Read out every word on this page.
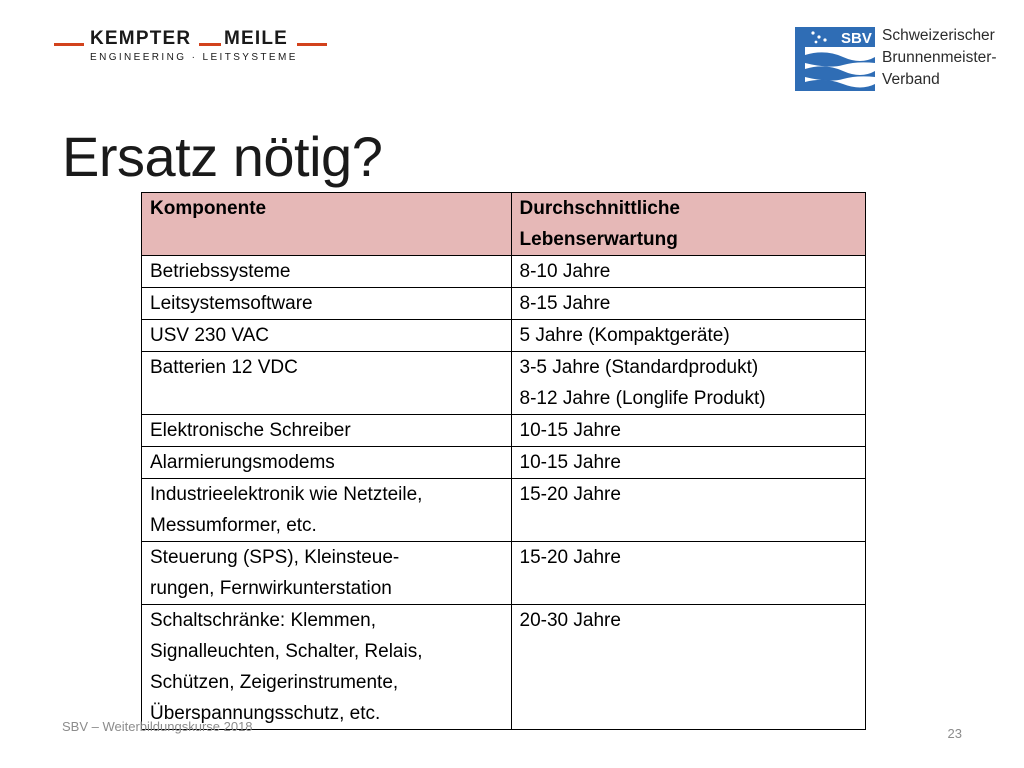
KEMPTER MEILE
ENGINEERING · LEITSYSTEME
SBV Schweizerischer
Brunnenmeister-
Verband
Ersatz nötig?
Komponente	Durchschnittliche
Lebenserwartung

Betriebssysteme	8-10 Jahre

Leitsystemsoftware	8-15 Jahre

USV 230 VAC	5 Jahre (Kompaktgeräte)

Batterien 12 VDC	3-5 Jahre (Standardprodukt)
8-12 Jahre (Longlife Produkt)

Elektronische Schreiber	10-15 Jahre

Alarmierungsmodems	10-15 Jahre

Industrieelektronik wie Netzteile,
Messumformer, etc.	15-20 Jahre

Steuerung (SPS), Kleinsteue-
rungen, Fernwirkunterstation	15-20 Jahre

Schaltschränke: Klemmen,
Signalleuchten, Schalter, Relais,
Schützen, Zeigerinstrumente,
Überspannungsschutz, etc.	20-30 Jahre
SBV – Weiterbildungskurse 2018	23
